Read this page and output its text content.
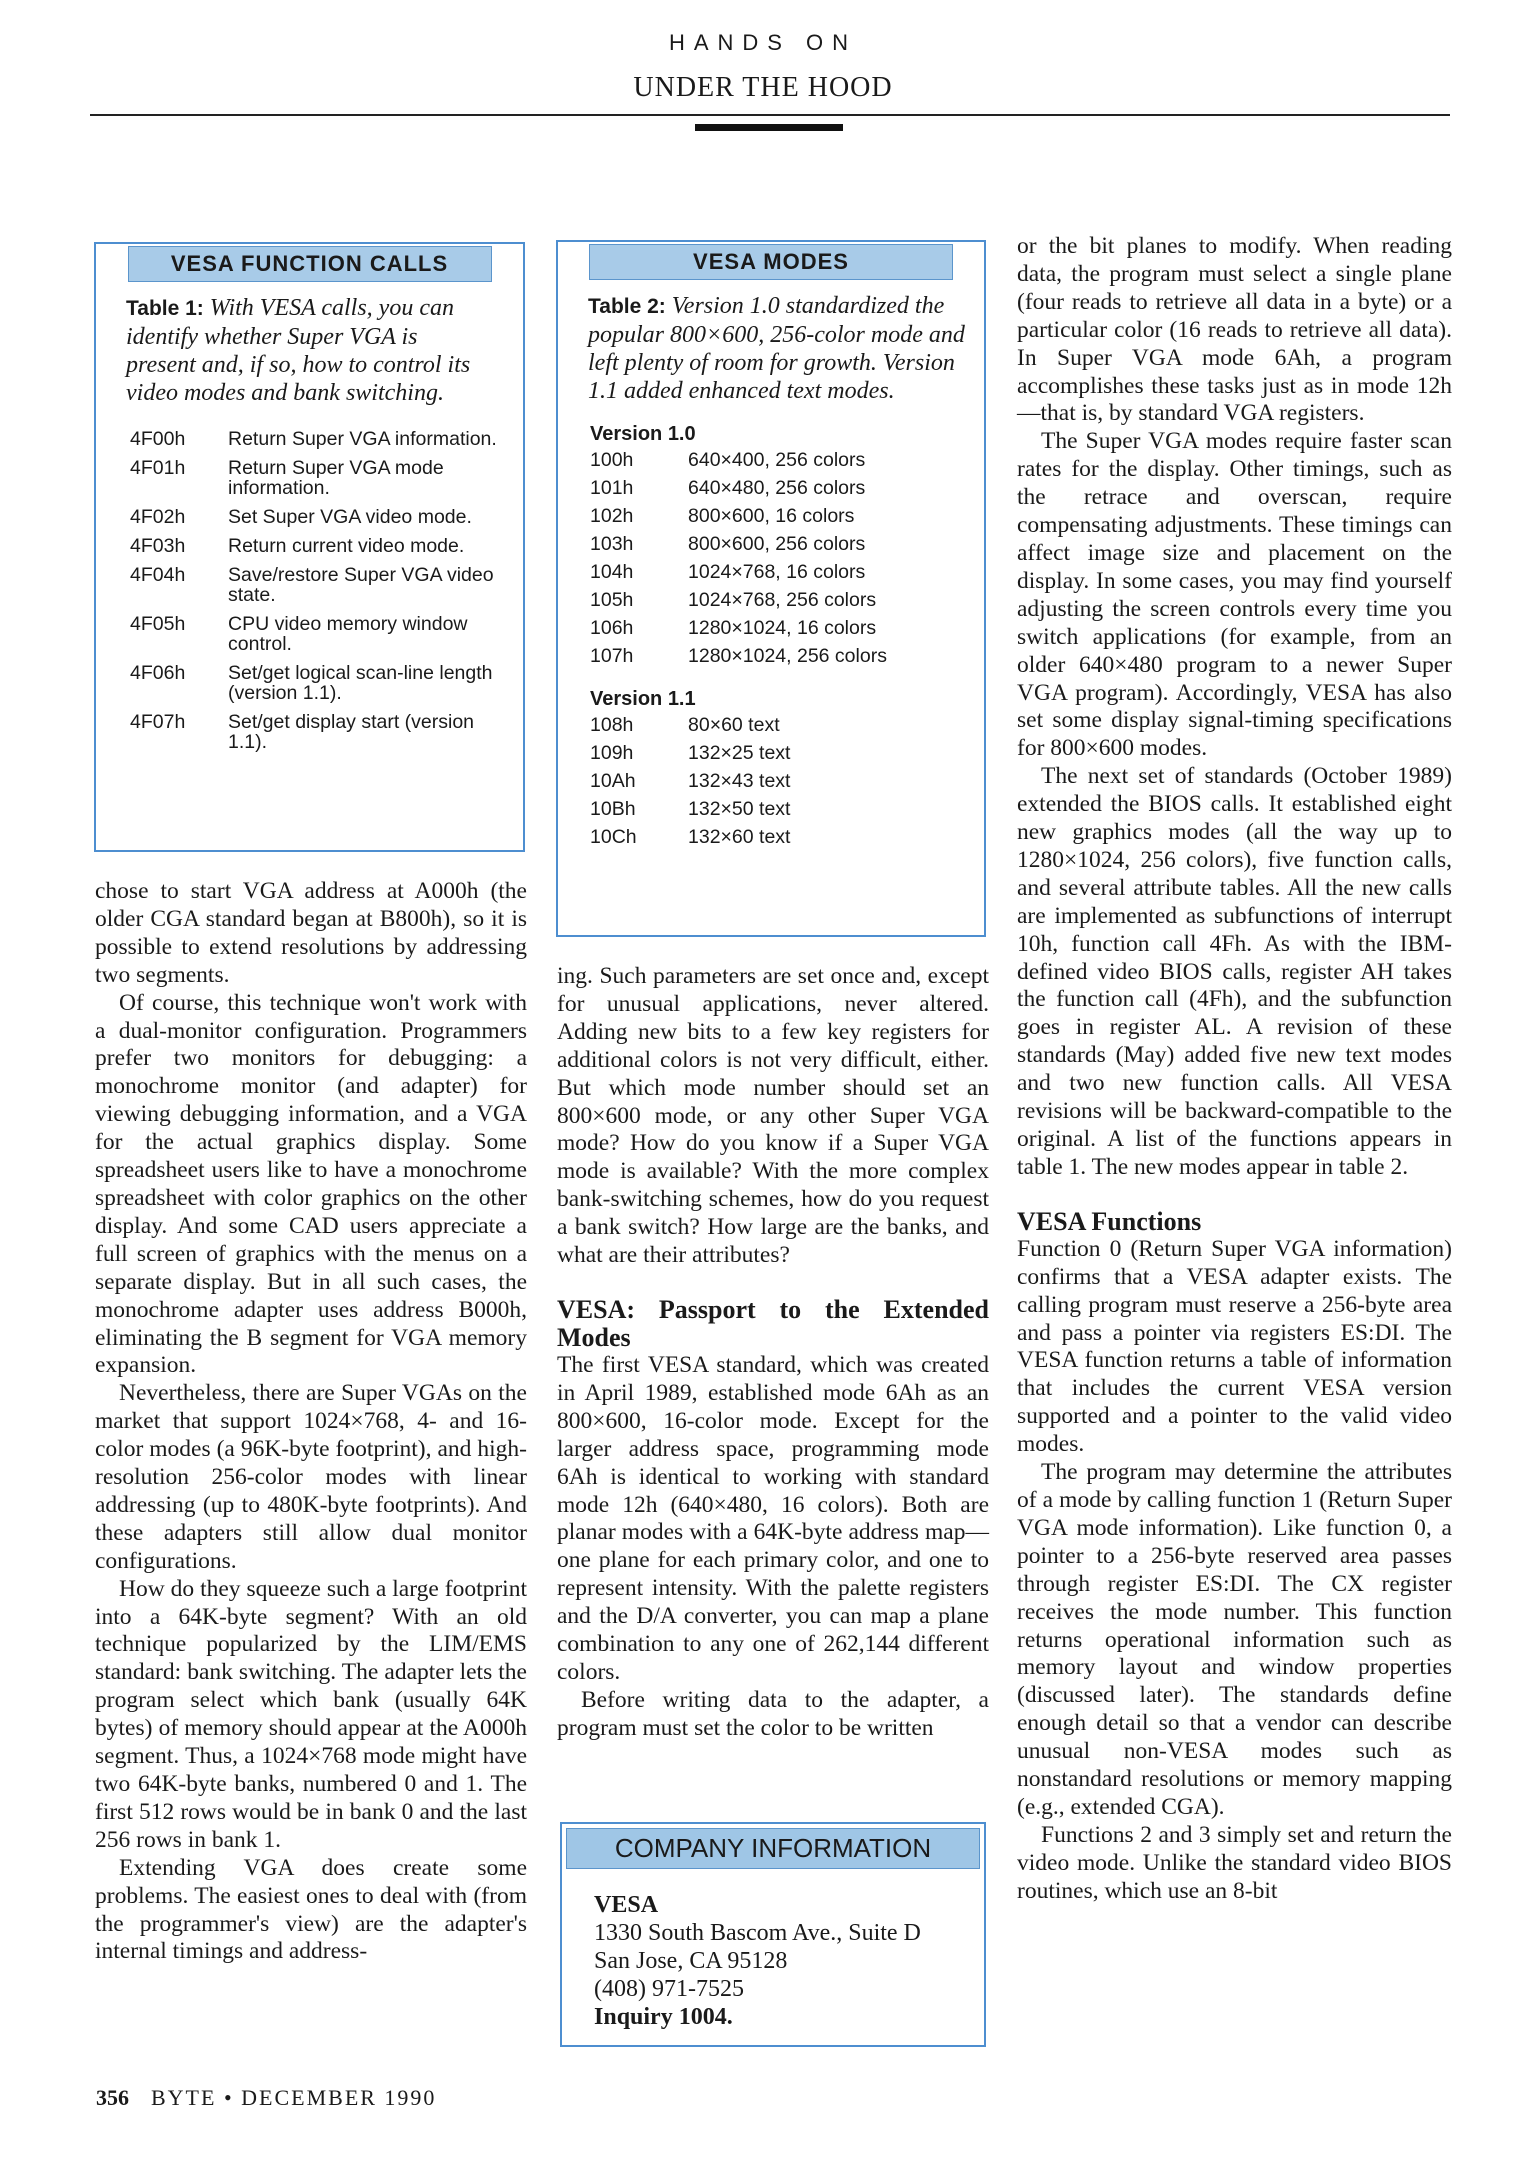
HANDS ON
UNDER THE HOOD
VESA FUNCTION CALLS
Table 1: With VESA calls, you can identify whether Super VGA is present and, if so, how to control its video modes and bank switching.
4F00h	Return Super VGA information.
4F01h	Return Super VGA mode information.
4F02h	Set Super VGA video mode.
4F03h	Return current video mode.
4F04h	Save/restore Super VGA video state.
4F05h	CPU video memory window control.
4F06h	Set/get logical scan-line length (version 1.1).
4F07h	Set/get display start (version 1.1).
VESA MODES
Table 2: Version 1.0 standardized the popular 800×600, 256-color mode and left plenty of room for growth. Version 1.1 added enhanced text modes.
Version 1.0
100h	640×400, 256 colors
101h	640×480, 256 colors
102h	800×600, 16 colors
103h	800×600, 256 colors
104h	1024×768, 16 colors
105h	1024×768, 256 colors
106h	1280×1024, 16 colors
107h	1280×1024, 256 colors
Version 1.1
108h	80×60 text
109h	132×25 text
10Ah	132×43 text
10Bh	132×50 text
10Ch	132×60 text

chose to start VGA address at A000h (the older CGA standard began at B800h), so it is possible to extend resolutions by addressing two segments.

Of course, this technique won't work with a dual-monitor configuration. Programmers prefer two monitors for debugging: a monochrome monitor (and adapter) for viewing debugging information, and a VGA for the actual graphics display. Some spreadsheet users like to have a monochrome spreadsheet with color graphics on the other display. And some CAD users appreciate a full screen of graphics with the menus on a separate display. But in all such cases, the monochrome adapter uses address B000h, eliminating the B segment for VGA memory expansion.

Nevertheless, there are Super VGAs on the market that support 1024×768, 4- and 16-color modes (a 96K-byte footprint), and high-resolution 256-color modes with linear addressing (up to 480K-byte footprints). And these adapters still allow dual monitor configurations.

How do they squeeze such a large footprint into a 64K-byte segment? With an old technique popularized by the LIM/EMS standard: bank switching. The adapter lets the program select which bank (usually 64K bytes) of memory should appear at the A000h segment. Thus, a 1024×768 mode might have two 64K-byte banks, numbered 0 and 1. The first 512 rows would be in bank 0 and the last 256 rows in bank 1.

Extending VGA does create some problems. The easiest ones to deal with (from the programmer's view) are the adapter's internal timings and address-

ing. Such parameters are set once and, except for unusual applications, never altered. Adding new bits to a few key registers for additional colors is not very difficult, either. But which mode number should set an 800×600 mode, or any other Super VGA mode? How do you know if a Super VGA mode is available? With the more complex bank-switching schemes, how do you request a bank switch? How large are the banks, and what are their attributes?

VESA: Passport to the Extended Modes

The first VESA standard, which was created in April 1989, established mode 6Ah as an 800×600, 16-color mode. Except for the larger address space, programming mode 6Ah is identical to working with standard mode 12h (640×480, 16 colors). Both are planar modes with a 64K-byte address map—one plane for each primary color, and one to represent intensity. With the palette registers and the D/A converter, you can map a plane combination to any one of 262,144 different colors.

Before writing data to the adapter, a program must set the color to be written

COMPANY INFORMATION
VESA
1330 South Bascom Ave., Suite D
San Jose, CA 95128
(408) 971-7525
Inquiry 1004.

or the bit planes to modify. When reading data, the program must select a single plane (four reads to retrieve all data in a byte) or a particular color (16 reads to retrieve all data). In Super VGA mode 6Ah, a program accomplishes these tasks just as in mode 12h—that is, by standard VGA registers.

The Super VGA modes require faster scan rates for the display. Other timings, such as the retrace and overscan, require compensating adjustments. These timings can affect image size and placement on the display. In some cases, you may find yourself adjusting the screen controls every time you switch applications (for example, from an older 640×480 program to a newer Super VGA program). Accordingly, VESA has also set some display signal-timing specifications for 800×600 modes.

The next set of standards (October 1989) extended the BIOS calls. It established eight new graphics modes (all the way up to 1280×1024, 256 colors), five function calls, and several attribute tables. All the new calls are implemented as subfunctions of interrupt 10h, function call 4Fh. As with the IBM-defined video BIOS calls, register AH takes the function call (4Fh), and the subfunction goes in register AL. A revision of these standards (May) added five new text modes and two new function calls. All VESA revisions will be backward-compatible to the original. A list of the functions appears in table 1. The new modes appear in table 2.

VESA Functions

Function 0 (Return Super VGA information) confirms that a VESA adapter exists. The calling program must reserve a 256-byte area and pass a pointer via registers ES:DI. The VESA function returns a table of information that includes the current VESA version supported and a pointer to the valid video modes.

The program may determine the attributes of a mode by calling function 1 (Return Super VGA mode information). Like function 0, a pointer to a 256-byte reserved area passes through register ES:DI. The CX register receives the mode number. This function returns operational information such as memory layout and window properties (discussed later). The standards define enough detail so that a vendor can describe unusual non-VESA modes such as nonstandard resolutions or memory mapping (e.g., extended CGA).

Functions 2 and 3 simply set and return the video mode. Unlike the standard video BIOS routines, which use an 8-bit

356 BYTE • DECEMBER 1990
